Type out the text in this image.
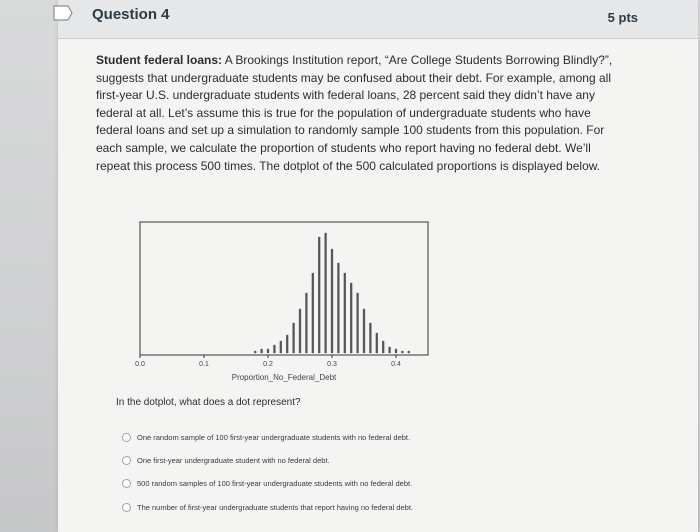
Question 4	5 pts
Student federal loans: A Brookings Institution report, “Are College Students Borrowing Blindly?”, suggests that undergraduate students may be confused about their debt. For example, among all first-year U.S. undergraduate students with federal loans, 28 percent said they didn’t have any federal at all. Let’s assume this is true for the population of undergraduate students who have federal loans and set up a simulation to randomly sample 100 students from this population. For each sample, we calculate the proportion of students who report having no federal debt. We’ll repeat this process 500 times. The dotplot of the 500 calculated proportions is displayed below.
0.0	0.1	0.2	0.3	0.4
Proportion_No_Federal_Debt
In the dotplot, what does a dot represent?
One random sample of 100 first-year undergraduate students with no federal debt.
One first-year undergraduate student with no federal debt.
500 random samples of 100 first-year undergraduate students with no federal debt.
The number of first-year undergraduate students that report having no federal debt.
